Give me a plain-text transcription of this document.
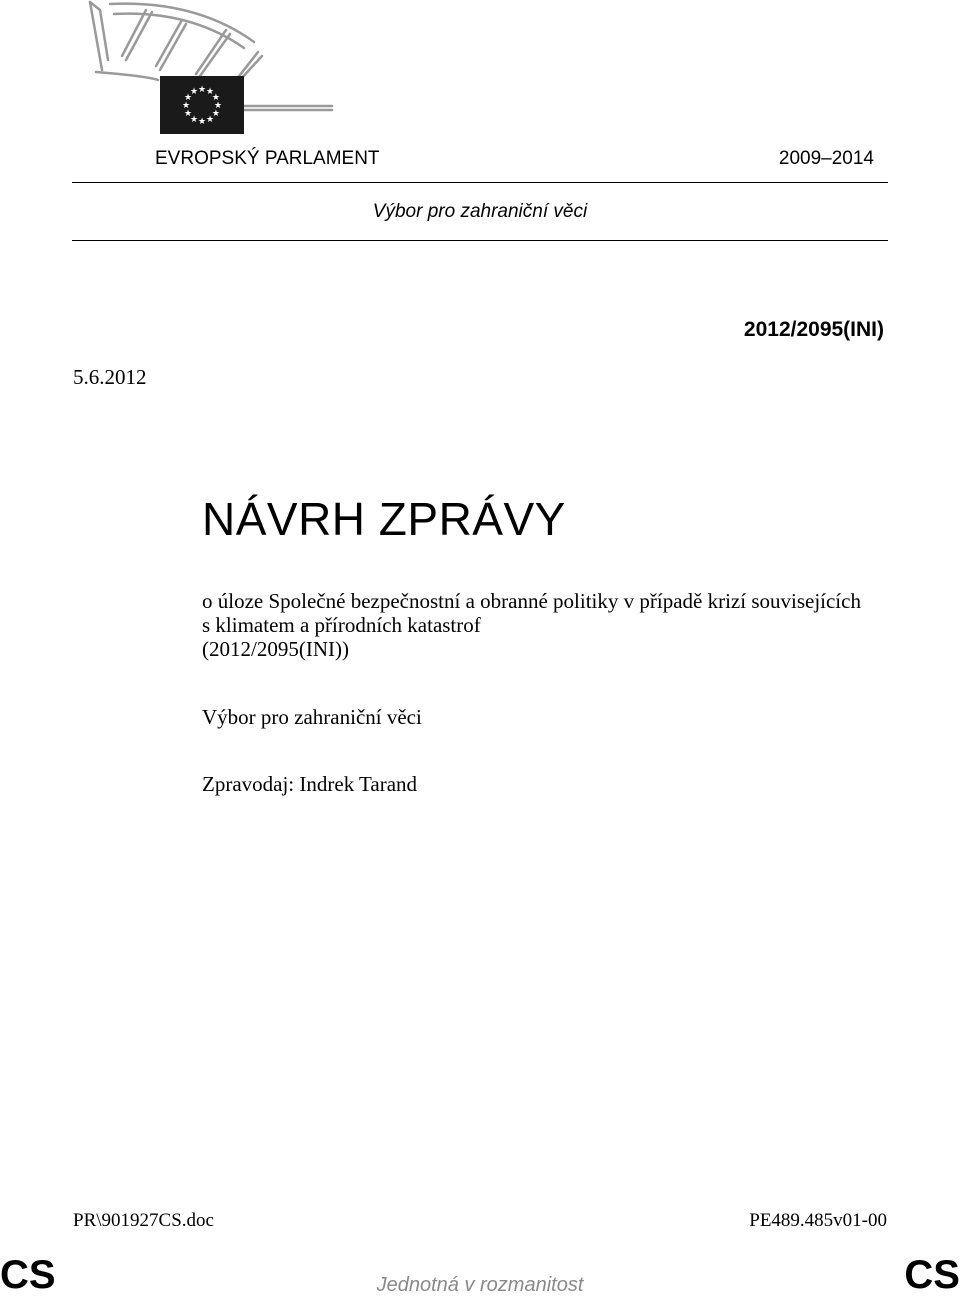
★ ★
★
★
★
★
★
★
★
★
★
★
EVROPSKÝ PARLAMENT	2009–2014
Výbor pro zahraniční věci
2012/2095(INI)
5.6.2012
NÁVRH ZPRÁVY
o úloze Společné bezpečnostní a obranné politiky v případě krizí souvisejících
s klimatem a přírodních katastrof
(2012/2095(INI))
Výbor pro zahraniční věci
Zpravodaj: Indrek Tarand
PR\901927CS.doc	PE489.485v01-00
CS	Jednotná v rozmanitost	CS
